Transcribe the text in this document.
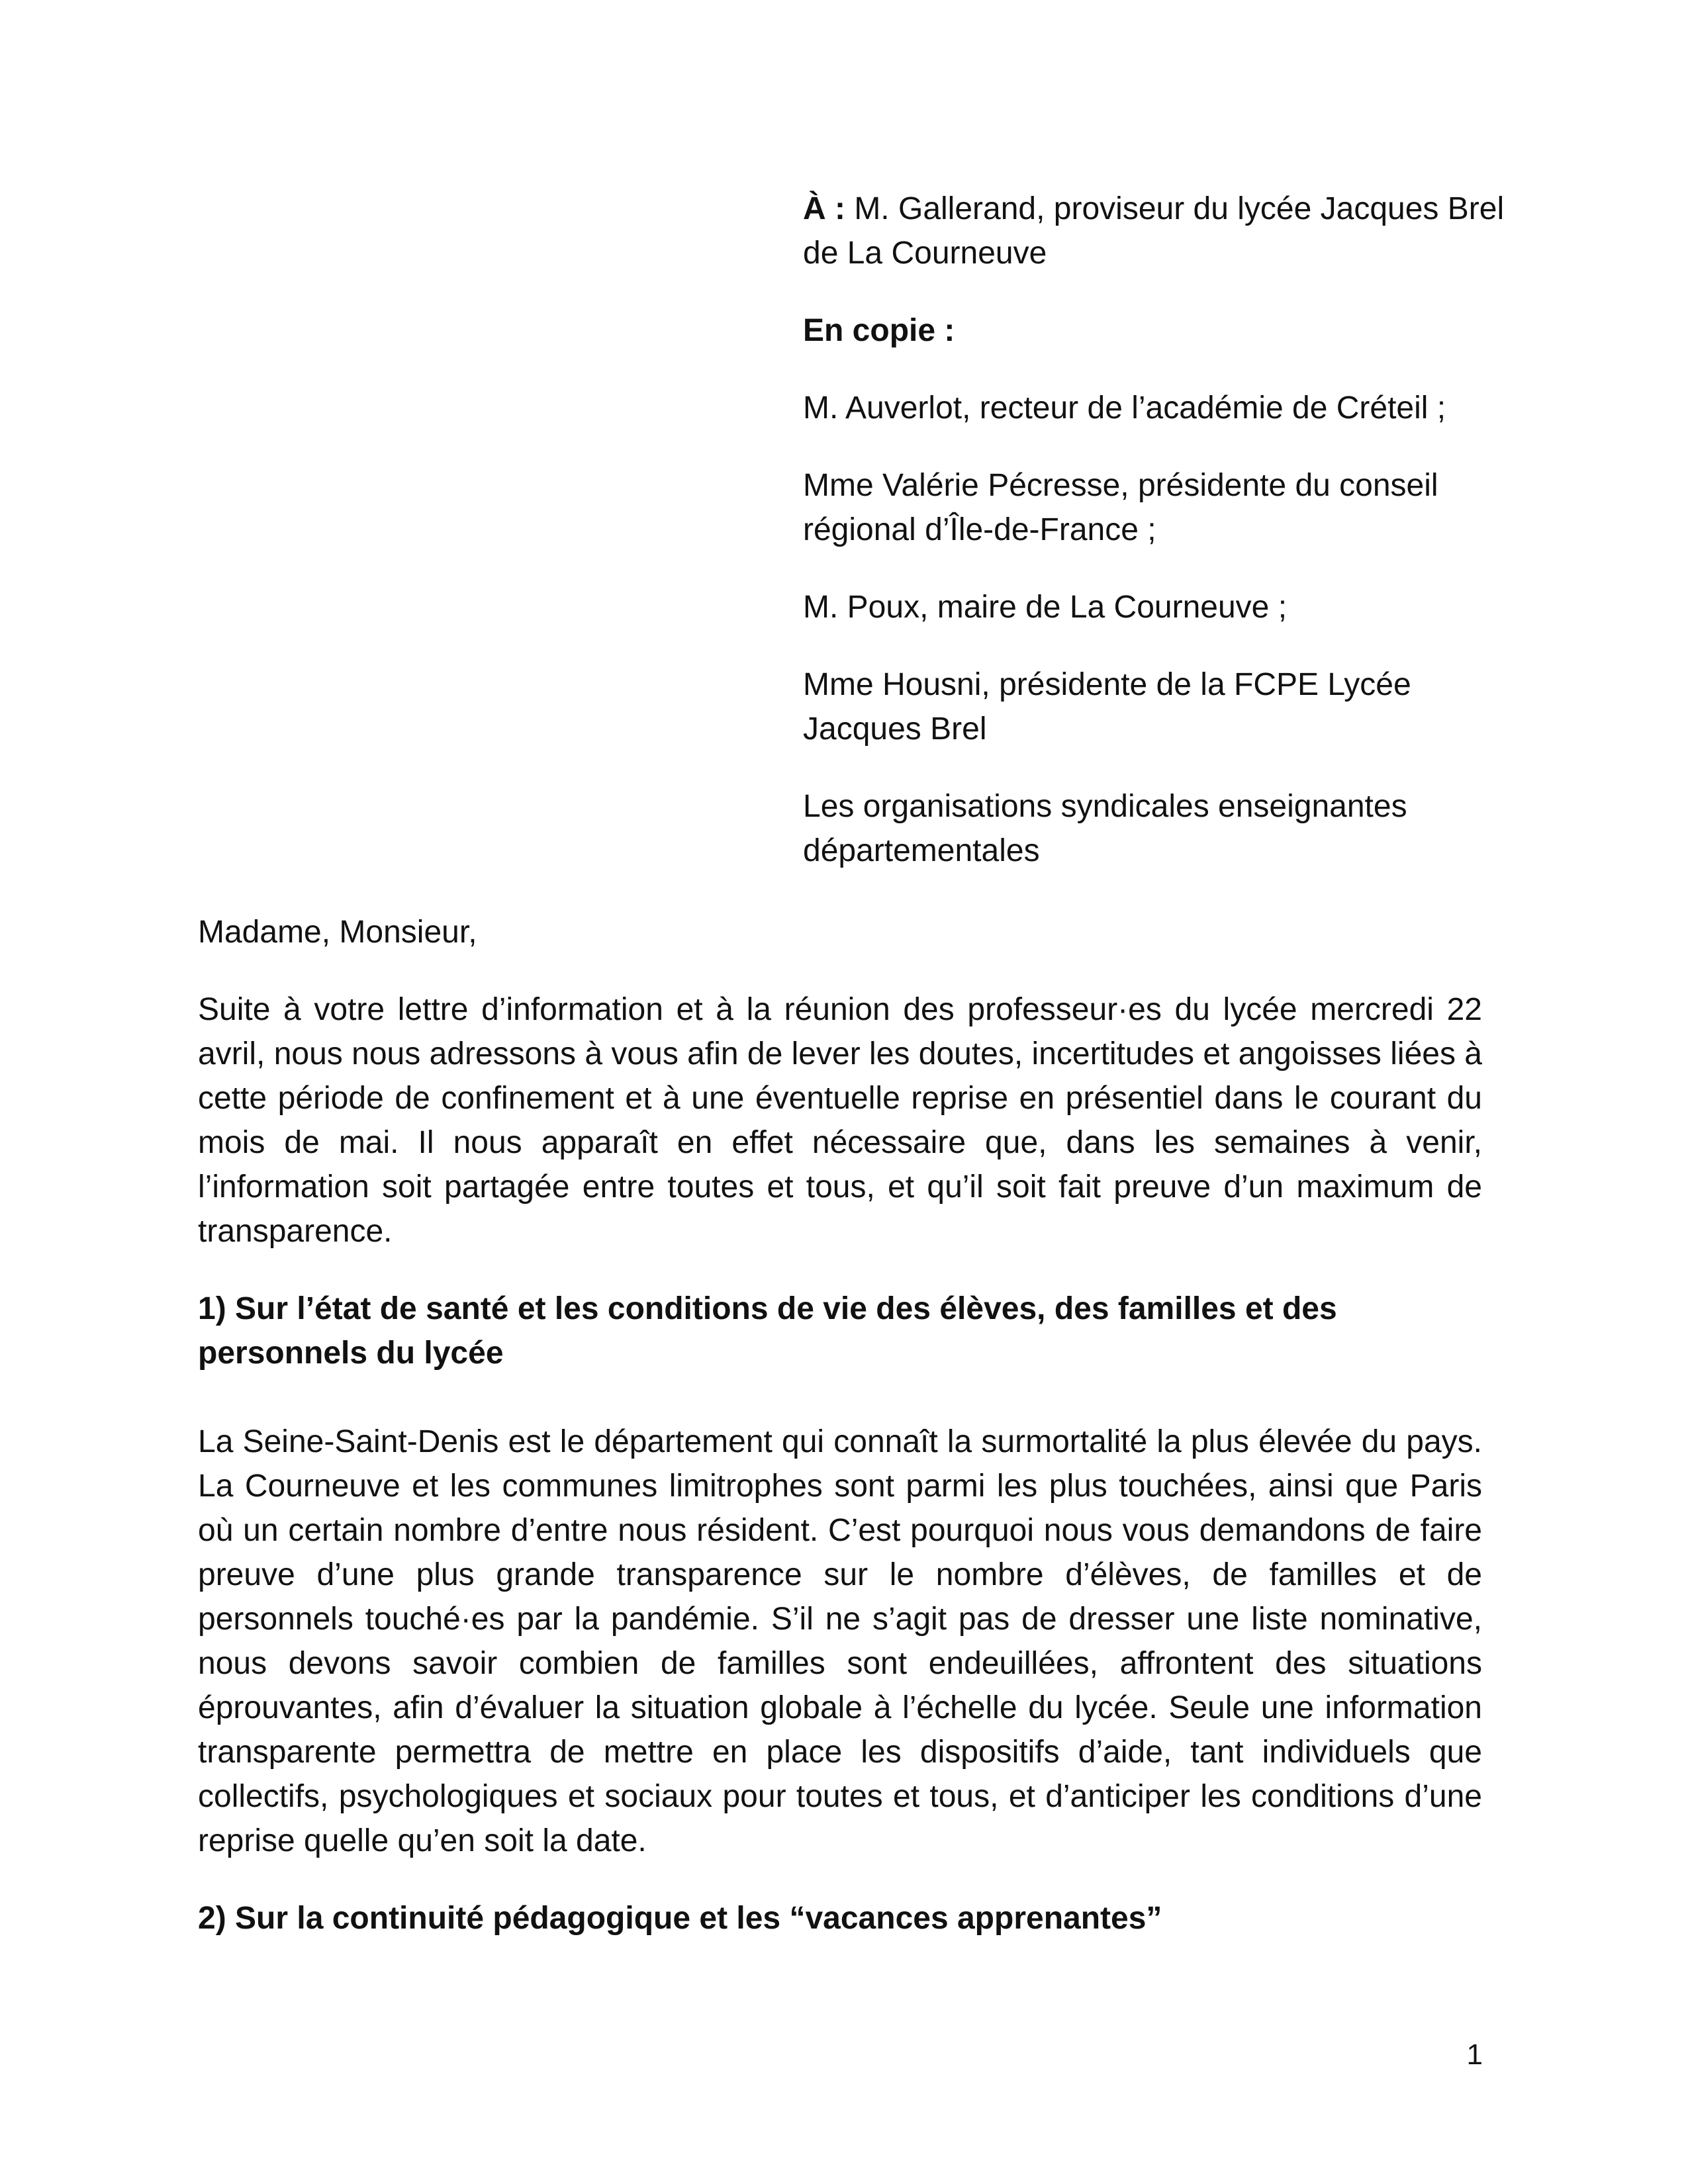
À : M. Gallerand, proviseur du lycée Jacques Brel de La Courneuve

En copie :

M. Auverlot, recteur de l’académie de Créteil ;

Mme Valérie Pécresse, présidente du conseil régional d’Île-de-France ;

M. Poux, maire de La Courneuve ;

Mme Housni, présidente de la FCPE Lycée Jacques Brel

Les organisations syndicales enseignantes départementales

Madame, Monsieur,

Suite à votre lettre d’information et à la réunion des professeur·es du lycée mercredi 22 avril, nous nous adressons à vous afin de lever les doutes, incertitudes et angoisses liées à cette période de confinement et à une éventuelle reprise en présentiel dans le courant du mois de mai. Il nous apparaît en effet nécessaire que, dans les semaines à venir, l’information soit partagée entre toutes et tous, et qu’il soit fait preuve d’un maximum de transparence.

1) Sur l’état de santé et les conditions de vie des élèves, des familles et des personnels du lycée

La Seine-Saint-Denis est le département qui connaît la surmortalité la plus élevée du pays. La Courneuve et les communes limitrophes sont parmi les plus touchées, ainsi que Paris où un certain nombre d’entre nous résident. C’est pourquoi nous vous demandons de faire preuve d’une plus grande transparence sur le nombre d’élèves, de familles et de personnels touché·es par la pandémie. S’il ne s’agit pas de dresser une liste nominative, nous devons savoir combien de familles sont endeuillées, affrontent des situations éprouvantes, afin d’évaluer la situation globale à l’échelle du lycée. Seule une information transparente permettra de mettre en place les dispositifs d’aide, tant individuels que collectifs, psychologiques et sociaux pour toutes et tous, et d’anticiper les conditions d’une reprise quelle qu’en soit la date.

2) Sur la continuité pédagogique et les “vacances apprenantes”
1
